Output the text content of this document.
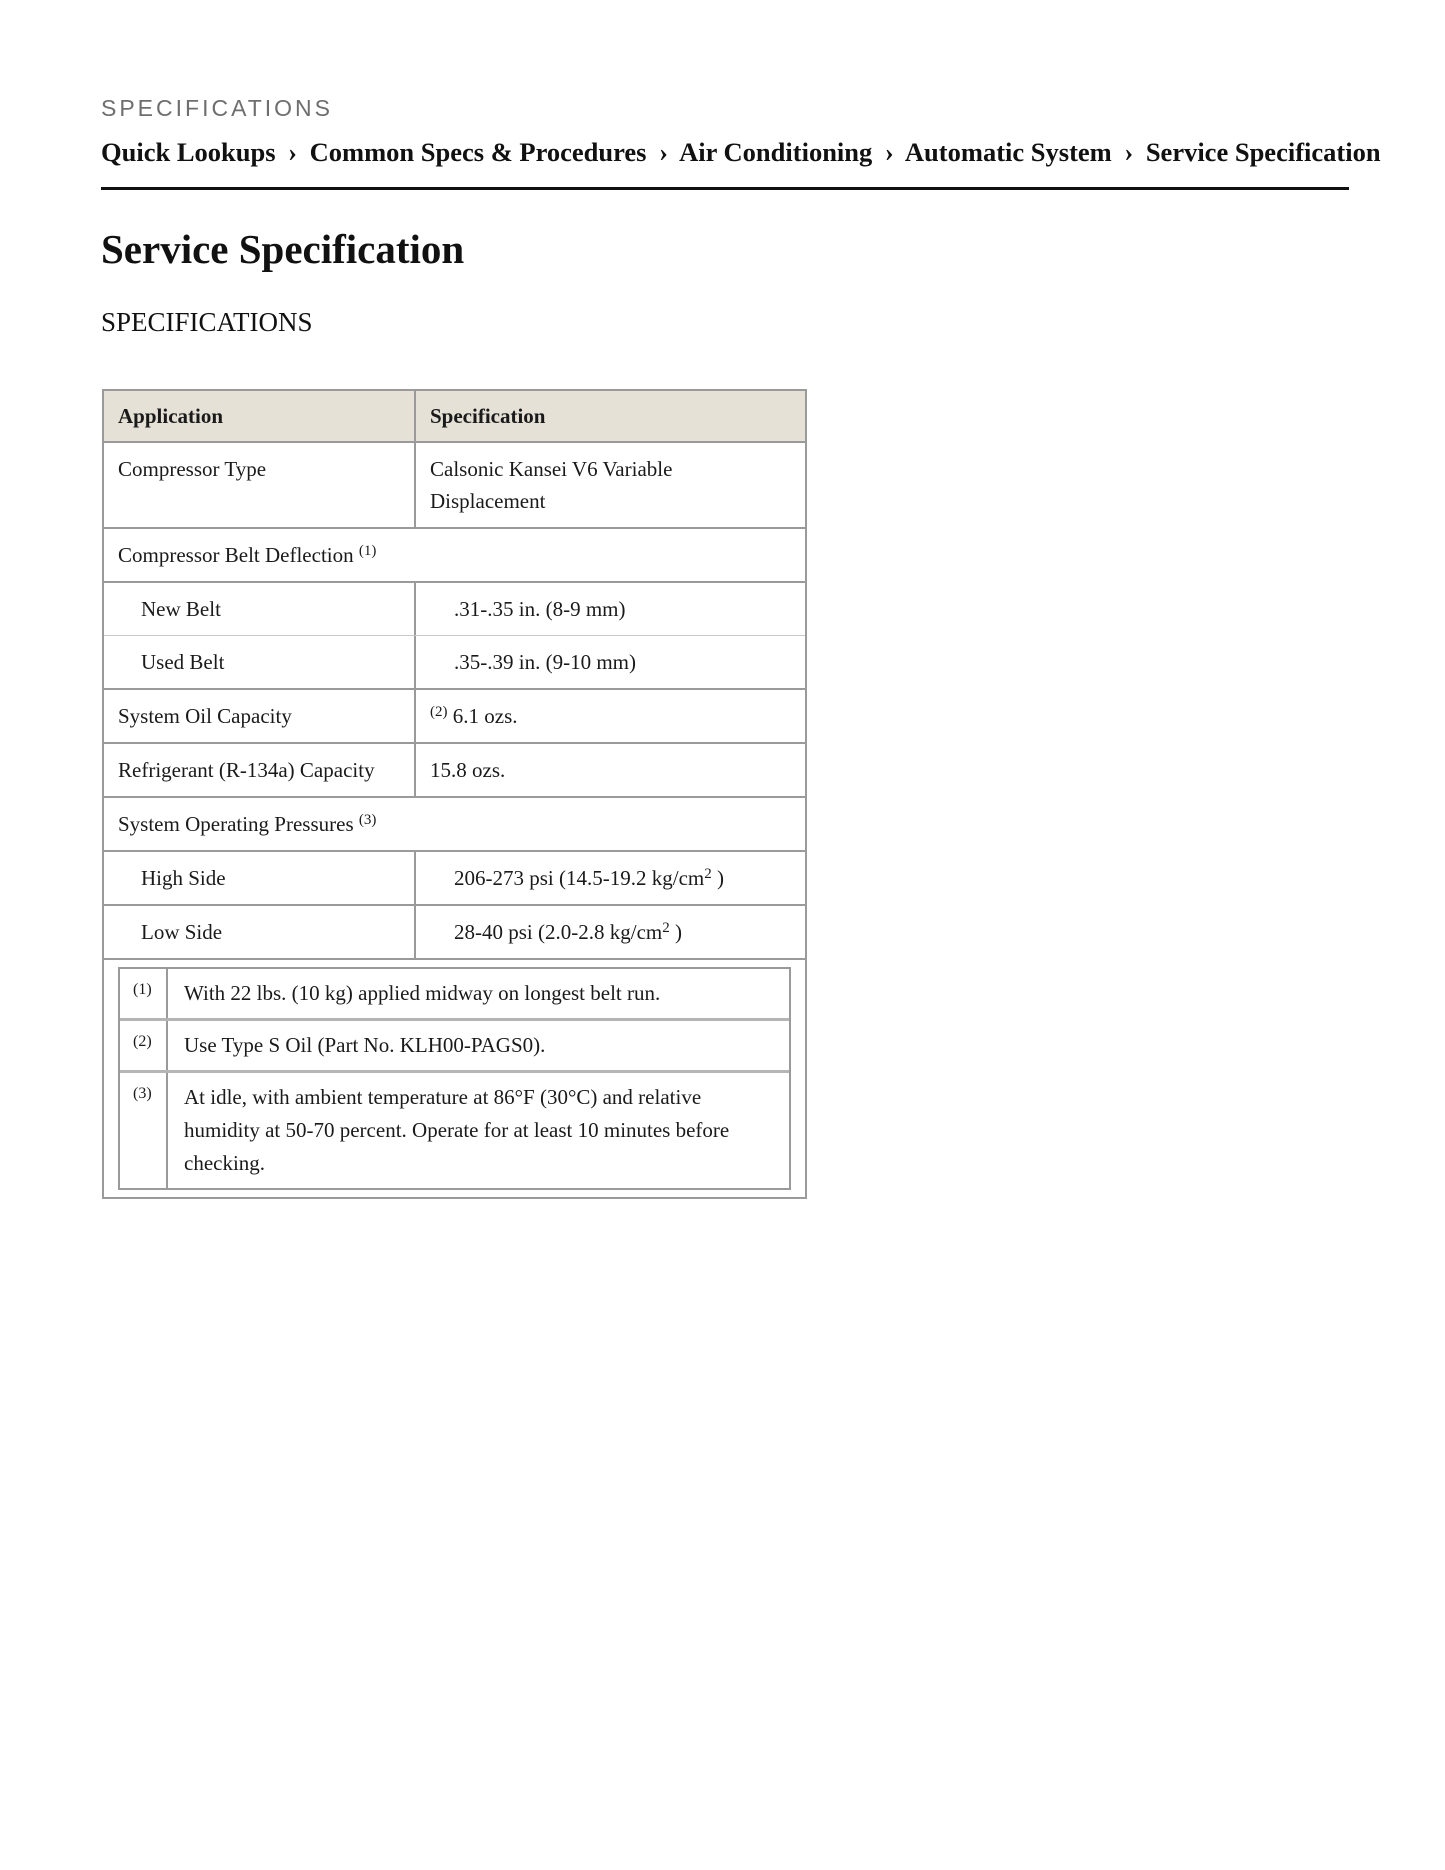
SPECIFICATIONS
Quick Lookups › Common Specs & Procedures › Air Conditioning › Automatic System › Service Specification
Service Specification
SPECIFICATIONS
Application	Specification
Compressor Type	Calsonic Kansei V6 Variable Displacement
Compressor Belt Deflection $^{(1)}$
New Belt	.31-.35 in. (8-9 mm)
Used Belt	.35-.39 in. (9-10 mm)
System Oil Capacity	$^{(2)}$ 6.1 ozs.
Refrigerant (R-134a) Capacity	15.8 ozs.
System Operating Pressures $^{(3)}$
High Side	206-273 psi (14.5-19.2 $kg/cm^2$ )
Low Side	28-40 psi (2.0-2.8 $kg/cm^2$ )
(1)	With 22 lbs. (10 kg) applied midway on longest belt run.
(2)	Use Type S Oil (Part No. KLH00-PAGS0).
(3)	At idle, with ambient temperature at 86°F (30°C) and relative humidity at 50-70 percent. Operate for at least 10 minutes before checking.
